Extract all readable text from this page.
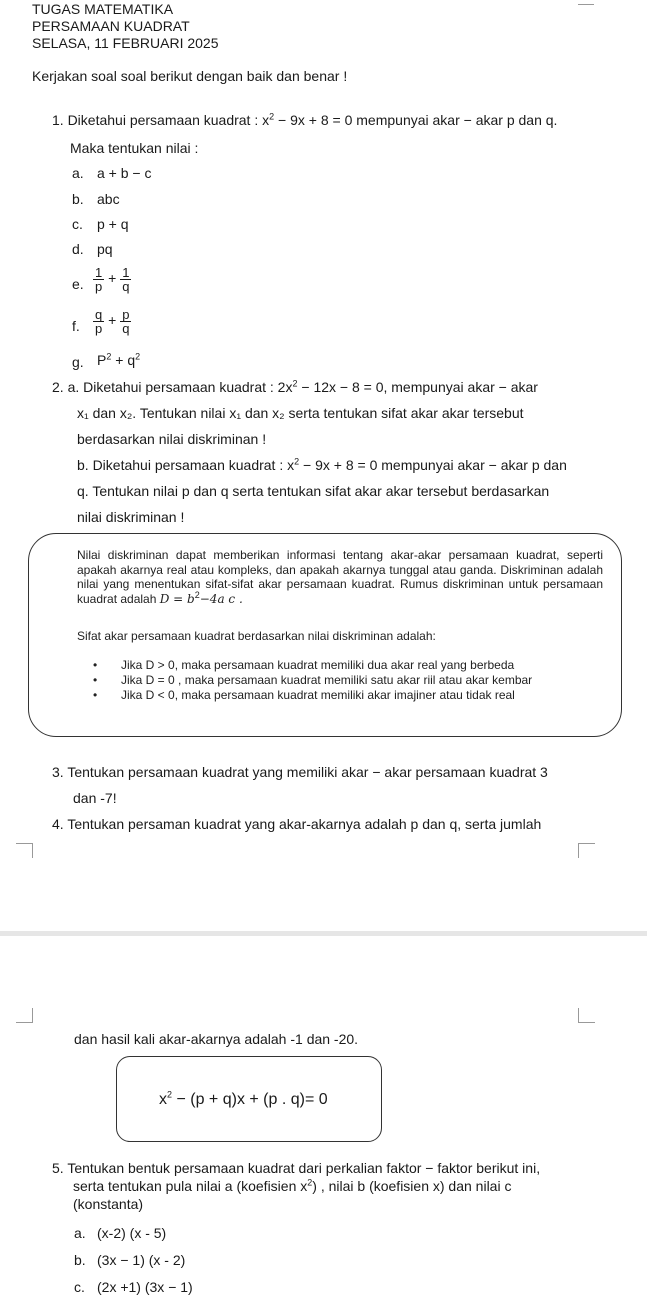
TUGAS MATEMATIKA
PERSAMAAN KUADRAT
SELASA, 11 FEBRUARI 2025
Kerjakan soal soal berikut dengan baik dan benar !
1. Diketahui persamaan kuadrat : $x^2 - 9x + 8 = 0$ mempunyai akar − akar p dan q.
Maka tentukan nilai :
a. a + b − c
b. abc
c. p + q
d. pq
e. $\frac{1}{p} + \frac{1}{q}$
f. $\frac{q}{p} + \frac{p}{q}$
g. $P^2 + q^2$
2. a. Diketahui persamaan kuadrat : $2x^2 - 12x - 8 = 0$, mempunyai akar − akar
x₁ dan x₂. Tentukan nilai x₁ dan x₂ serta tentukan sifat akar akar tersebut
berdasarkan nilai diskriminan !
b. Diketahui persamaan kuadrat : $x^2 - 9x + 8 = 0$ mempunyai akar − akar p dan
q. Tentukan nilai p dan q serta tentukan sifat akar akar tersebut berdasarkan
nilai diskriminan !
Nilai diskriminan dapat memberikan informasi tentang akar-akar persamaan kuadrat, seperti apakah akarnya real atau kompleks, dan apakah akarnya tunggal atau ganda. Diskriminan adalah nilai yang menentukan sifat-sifat akar persamaan kuadrat. Rumus diskriminan untuk persamaan kuadrat adalah $D = b^2-4a$ c .
Sifat akar persamaan kuadrat berdasarkan nilai diskriminan adalah:
• Jika D > 0, maka persamaan kuadrat memiliki dua akar real yang berbeda
• Jika D = 0 , maka persamaan kuadrat memiliki satu akar riil atau akar kembar
• Jika D < 0, maka persamaan kuadrat memiliki akar imajiner atau tidak real
3. Tentukan persamaan kuadrat yang memiliki akar − akar persamaan kuadrat 3
dan -7!
4. Tentukan persaman kuadrat yang akar-akarnya adalah p dan q, serta jumlah
dan hasil kali akar-akarnya adalah -1 dan -20.
$x^2 - (p + q)x + (p$ . q)= 0
5. Tentukan bentuk persamaan kuadrat dari perkalian faktor − faktor berikut ini,
serta tentukan pula nilai a (koefisien $x^2$) , nilai b (koefisien x) dan nilai c
(konstanta)
a. (x-2) (x - 5)
b. (3x − 1) (x - 2)
c. (2x +1) (3x − 1)
